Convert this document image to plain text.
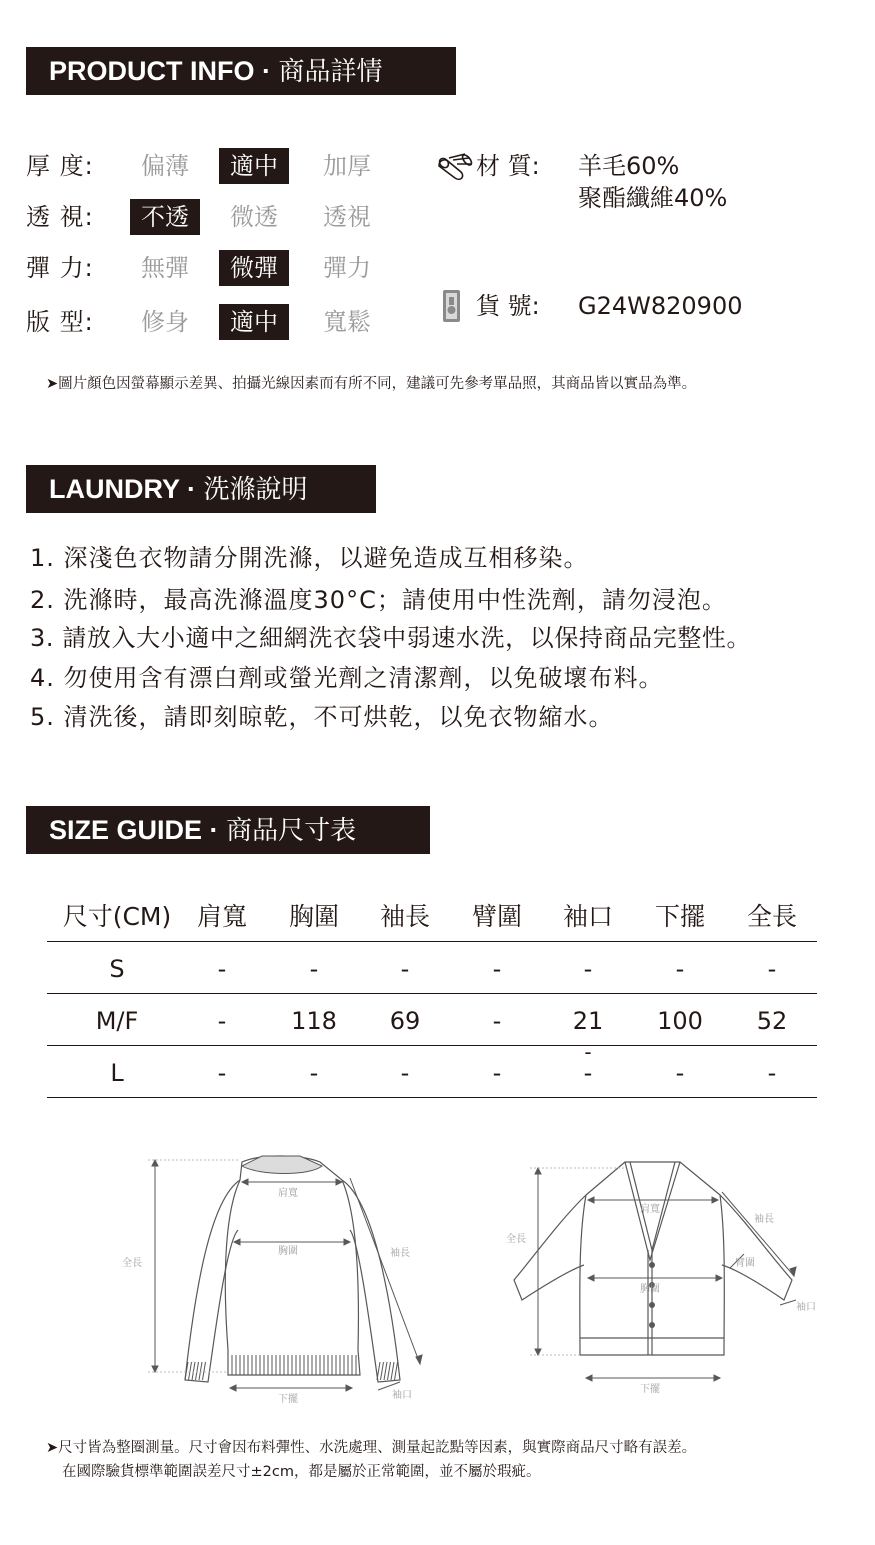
PRODUCT INFO · 商品詳情
厚 度:	偏薄	適中	加厚
透 視:	不透	微透	透視
彈 力:	無彈	微彈	彈力
版 型:	修身	適中	寬鬆
材 質: 羊毛60%
聚酯纖維40%
貨 號: G24W820900
➤圖片顏色因螢幕顯示差異、拍攝光線因素而有所不同，建議可先參考單品照，其商品皆以實品為準。
LAUNDRY · 洗滌說明
1. 深淺色衣物請分開洗滌，以避免造成互相移染。
2. 洗滌時，最高洗滌溫度30°C；請使用中性洗劑，請勿浸泡。
3. 請放入大小適中之細網洗衣袋中弱速水洗，以保持商品完整性。
4. 勿使用含有漂白劑或螢光劑之清潔劑，以免破壞布料。
5. 清洗後，請即刻晾乾，不可烘乾，以免衣物縮水。
SIZE GUIDE · 商品尺寸表
尺寸(CM)	肩寬	胸圍	袖長	臂圍	袖口	下擺	全長
S	-	-	-	-	-	-	-
M/F	-	118	69	-	21	100	52
L	-	-	-	-	-	-	-
-
肩寬
胸圍	袖長
全長
下擺	袖口
肩寬
胸圍
袖長
臂圍
全長
下擺
袖口
➤尺寸皆為整圈測量。尺寸會因布料彈性、水洗處理、測量起訖點等因素，與實際商品尺寸略有誤差。
在國際驗貨標準範圍誤差尺寸±2cm，都是屬於正常範圍，並不屬於瑕疵。
